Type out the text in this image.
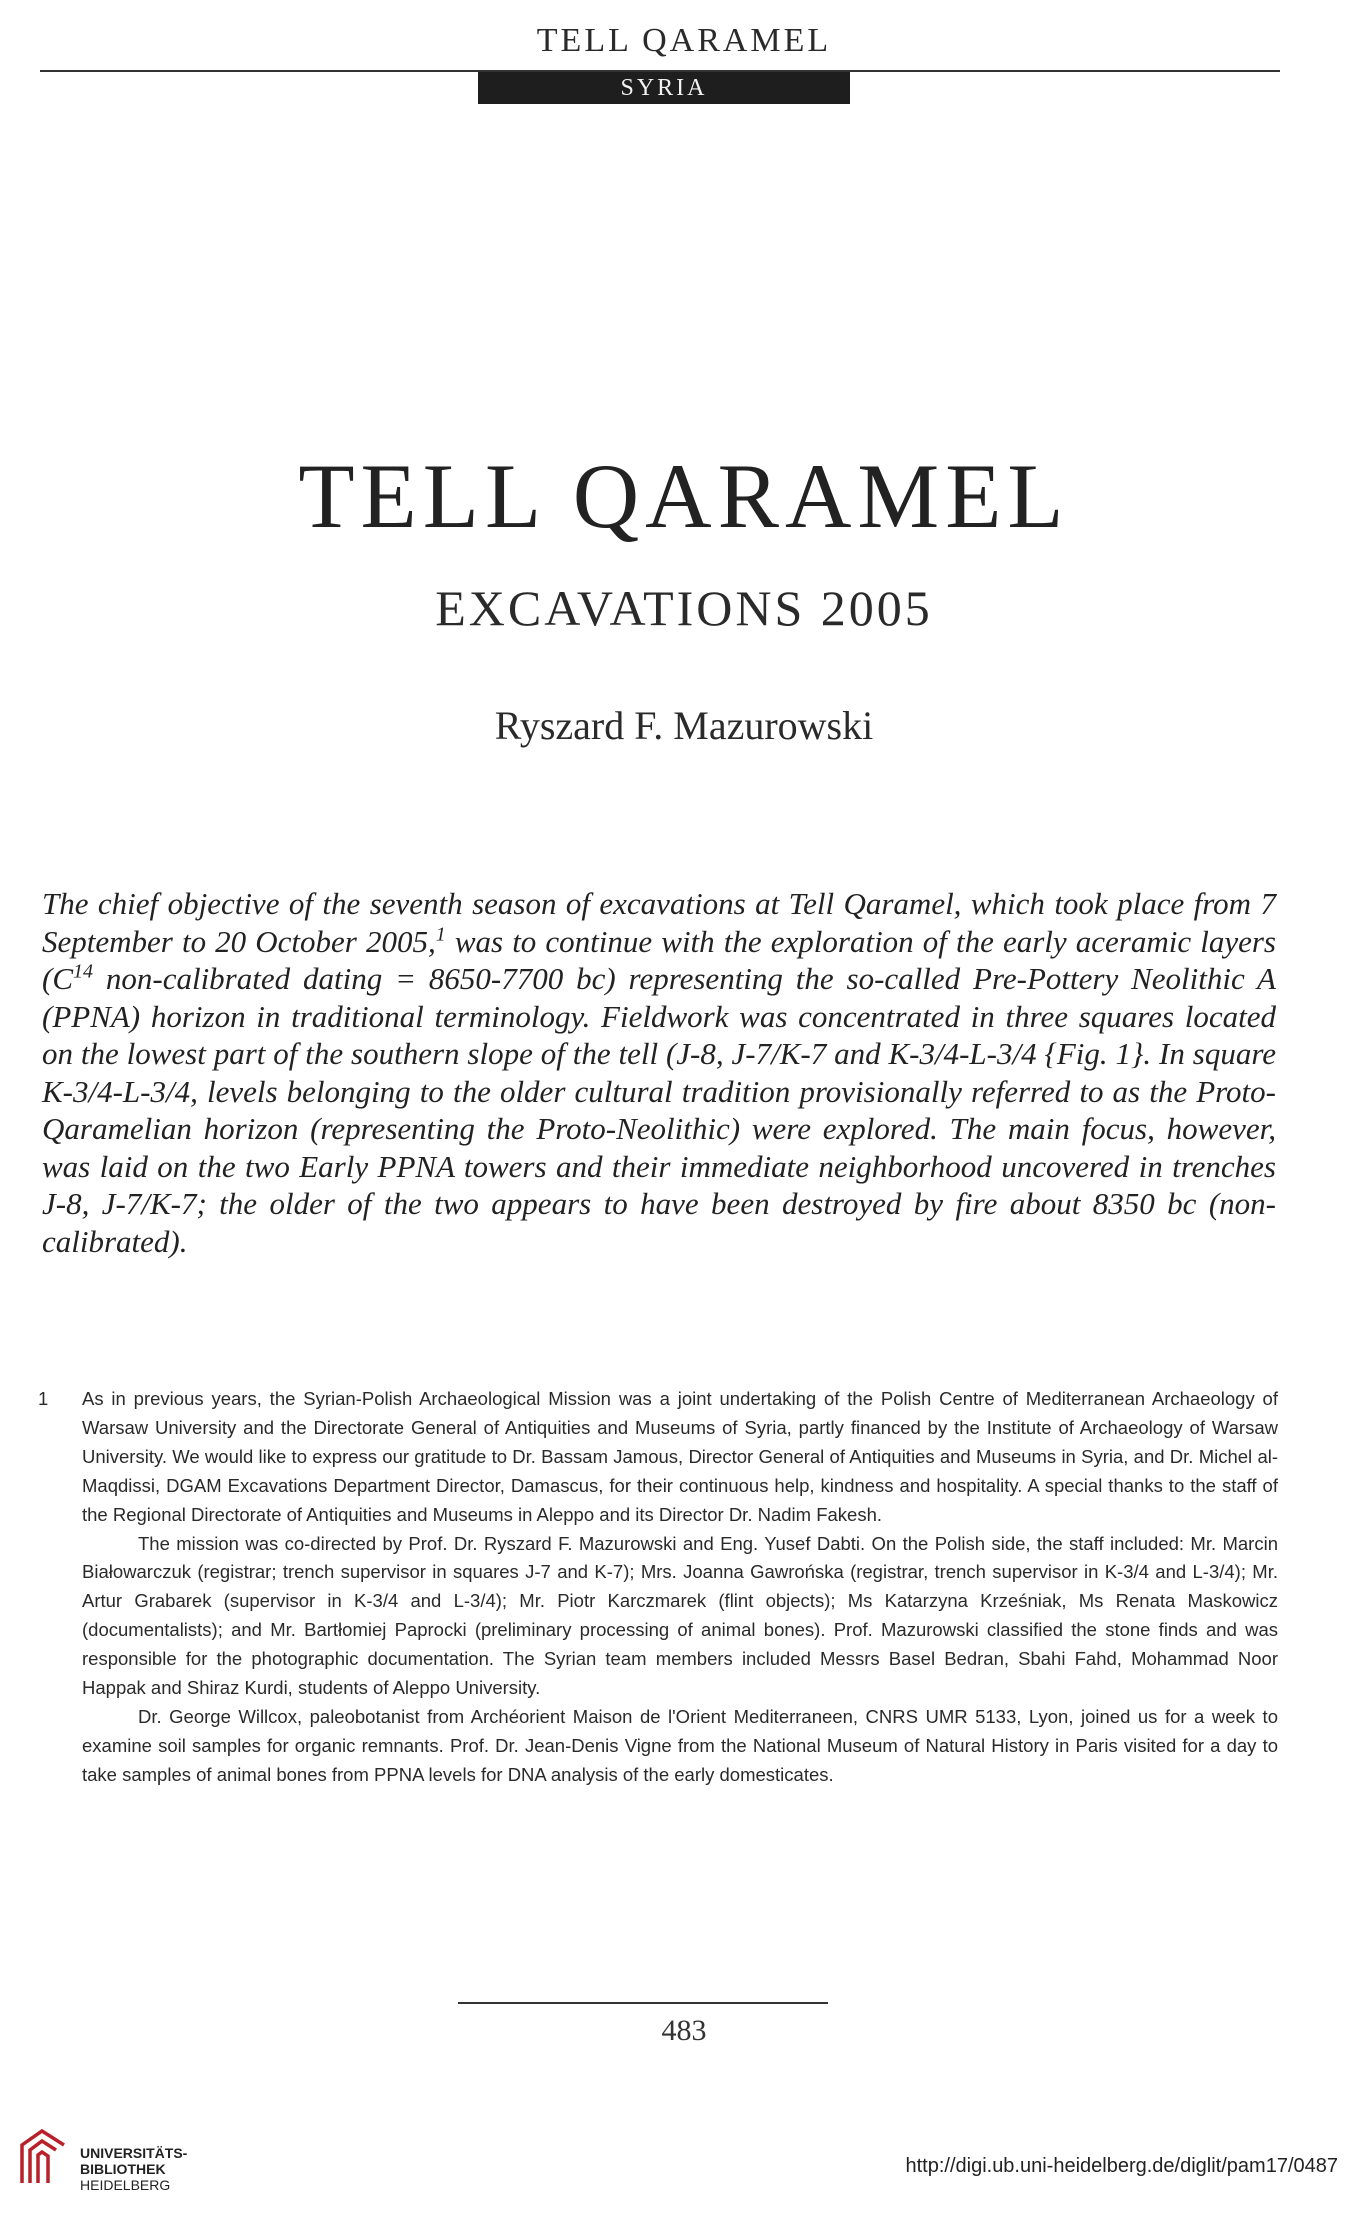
TELL QARAMEL
SYRIA
TELL QARAMEL
EXCAVATIONS 2005
Ryszard F. Mazurowski
The chief objective of the seventh season of excavations at Tell Qaramel, which took place from 7 September to 20 October 2005,$^1$ was to continue with the exploration of the early aceramic layers ($C^{14}$ non-calibrated dating = 8650-7700 bc) representing the so-called Pre-Pottery Neolithic A (PPNA) horizon in traditional terminology. Fieldwork was concentrated in three squares located on the lowest part of the southern slope of the tell (J-8, J-7/K-7 and K-3/4-L-3/4 {Fig. 1}. In square K-3/4-L-3/4, levels belonging to the older cultural tradition provisionally referred to as the Proto-Qaramelian horizon (representing the Proto-Neolithic) were explored. The main focus, however, was laid on the two Early PPNA towers and their immediate neighborhood uncovered in trenches J-8, J-7/K-7; the older of the two appears to have been destroyed by fire about 8350 bc (non-calibrated).
1	As in previous years, the Syrian-Polish Archaeological Mission was a joint undertaking of the Polish Centre of Mediterranean Archaeology of Warsaw University and the Directorate General of Antiquities and Museums of Syria, partly financed by the Institute of Archaeology of Warsaw University. We would like to express our gratitude to Dr. Bassam Jamous, Director General of Antiquities and Museums in Syria, and Dr. Michel al-Maqdissi, DGAM Excavations Department Director, Damascus, for their continuous help, kindness and hospitality. A special thanks to the staff of the Regional Directorate of Antiquities and Museums in Aleppo and its Director Dr. Nadim Fakesh.

The mission was co-directed by Prof. Dr. Ryszard F. Mazurowski and Eng. Yusef Dabti. On the Polish side, the staff included: Mr. Marcin Białowarczuk (registrar; trench supervisor in squares J-7 and K-7); Mrs. Joanna Gawrońska (registrar, trench supervisor in K-3/4 and L-3/4); Mr. Artur Grabarek (supervisor in K-3/4 and L-3/4); Mr. Piotr Karczmarek (flint objects); Ms Katarzyna Krześniak, Ms Renata Maskowicz (documentalists); and Mr. Bartłomiej Paprocki (preliminary processing of animal bones). Prof. Mazurowski classified the stone finds and was responsible for the photographic documentation. The Syrian team members included Messrs Basel Bedran, Sbahi Fahd, Mohammad Noor Happak and Shiraz Kurdi, students of Aleppo University.

Dr. George Willcox, paleobotanist from Archéorient Maison de l'Orient Mediterraneen, CNRS UMR 5133, Lyon, joined us for a week to examine soil samples for organic remnants. Prof. Dr. Jean-Denis Vigne from the National Museum of Natural History in Paris visited for a day to take samples of animal bones from PPNA levels for DNA analysis of the early domesticates.

483
UNIVERSITÄTS-
BIBLIOTHEK
HEIDELBERG
http://digi.ub.uni-heidelberg.de/diglit/pam17/0487
